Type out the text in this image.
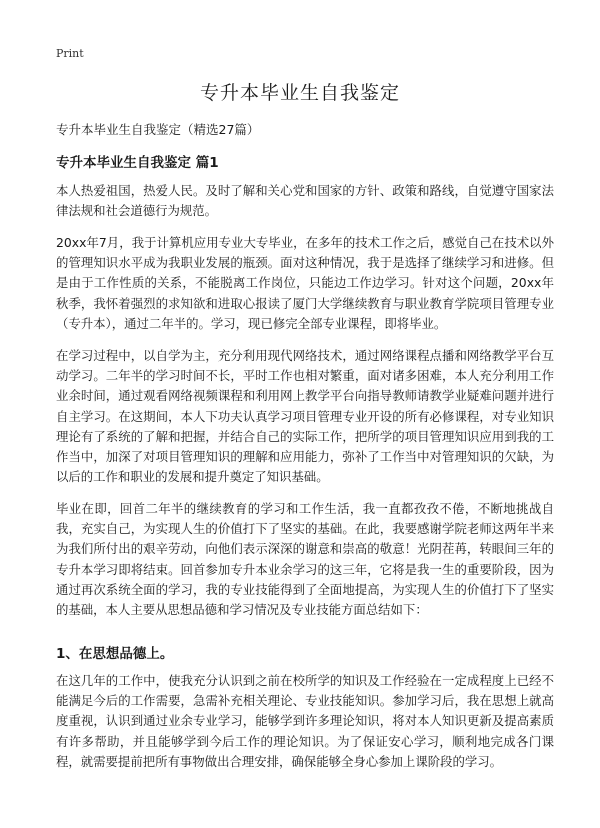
Print
专升本毕业生自我鉴定
专升本毕业生自我鉴定（精选27篇）
专升本毕业生自我鉴定 篇1

本人热爱祖国，热爱人民。及时了解和关心党和国家的方针、政策和路线，自觉遵守国家法律法规和社会道德行为规范。

20xx年7月，我于计算机应用专业大专毕业，在多年的技术工作之后，感觉自己在技术以外的管理知识水平成为我职业发展的瓶颈。面对这种情况，我于是选择了继续学习和进修。但是由于工作性质的关系，不能脱离工作岗位，只能边工作边学习。针对这个问题，20xx年秋季，我怀着强烈的求知欲和进取心报读了厦门大学继续教育与职业教育学院项目管理专业（专升本），通过二年半的。学习，现已修完全部专业课程，即将毕业。

在学习过程中，以自学为主，充分利用现代网络技术，通过网络课程点播和网络教学平台互动学习。二年半的学习时间不长，平时工作也相对繁重，面对诸多困难，本人充分利用工作业余时间，通过观看网络视频课程和利用网上教学平台向指导教师请教学业疑难问题并进行自主学习。在这期间，本人下功夫认真学习项目管理专业开设的所有必修课程，对专业知识理论有了系统的了解和把握，并结合自己的实际工作，把所学的项目管理知识应用到我的工作当中，加深了对项目管理知识的理解和应用能力，弥补了工作当中对管理知识的欠缺，为以后的工作和职业的发展和提升奠定了知识基础。

毕业在即，回首二年半的继续教育的学习和工作生活，我一直都孜孜不倦，不断地挑战自我，充实自己，为实现人生的价值打下了坚实的基础。在此，我要感谢学院老师这两年半来为我们所付出的艰辛劳动，向他们表示深深的谢意和崇高的敬意！光阴茬苒，转眼间三年的专升本学习即将结束。回首参加专升本业余学习的这三年，它将是我一生的重要阶段，因为通过再次系统全面的学习，我的专业技能得到了全面地提高，为实现人生的价值打下了坚实的基础，本人主要从思想品德和学习情况及专业技能方面总结如下：

1、在思想品德上。

在这几年的工作中，使我充分认识到之前在校所学的知识及工作经验在一定成程度上已经不能满足今后的工作需要，急需补充相关理论、专业技能知识。参加学习后，我在思想上就高度重视，认识到通过业余专业学习，能够学到许多理论知识，将对本人知识更新及提高素质有许多帮助，并且能够学到今后工作的理论知识。为了保证安心学习，顺利地完成各门课程，就需要提前把所有事物做出合理安排，确保能够全身心参加上课阶段的学习。
